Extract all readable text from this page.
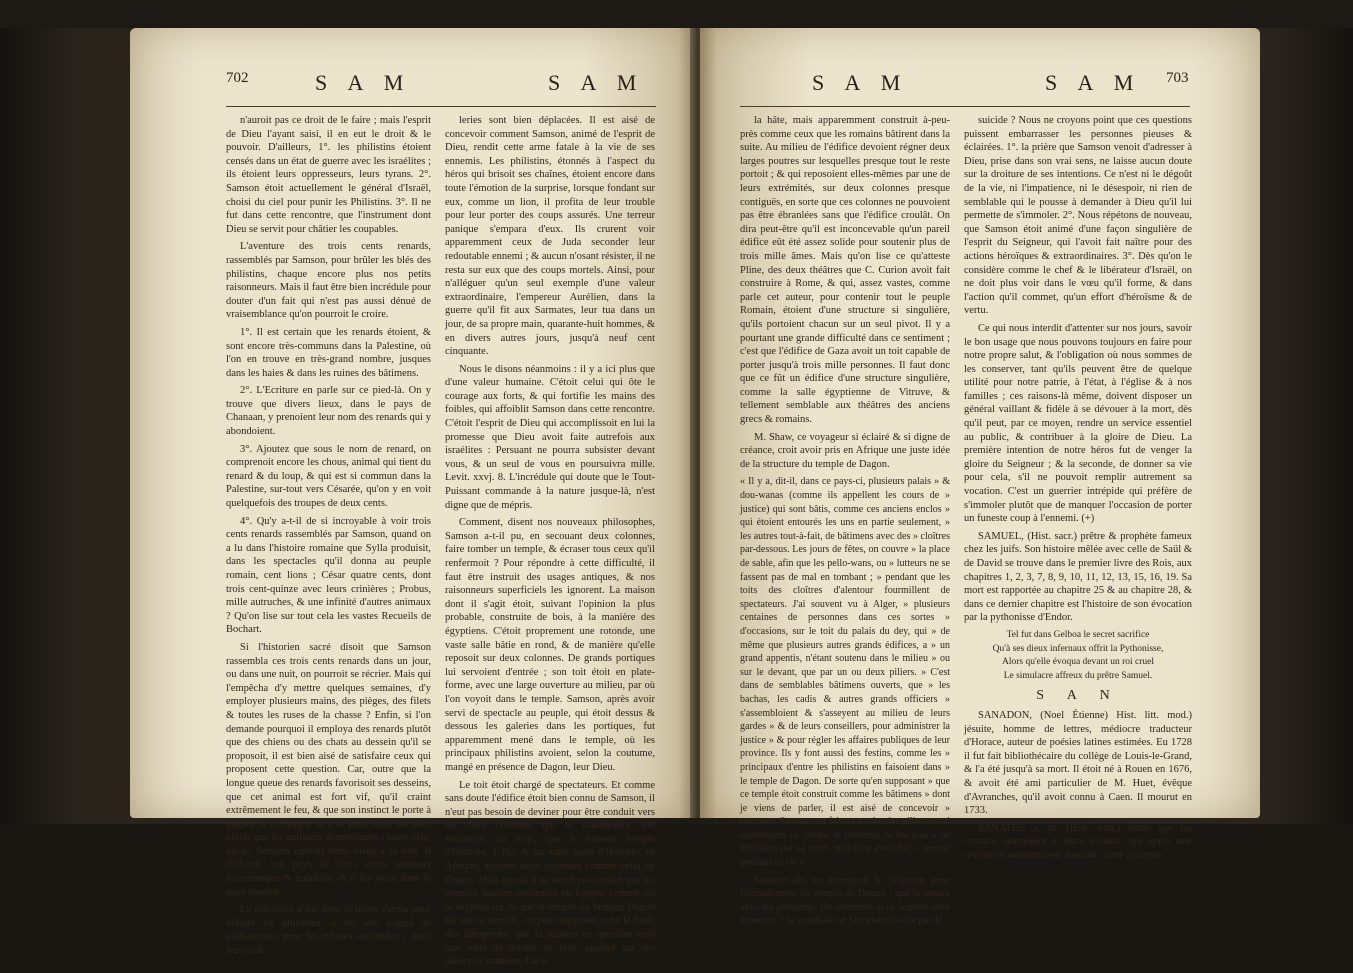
702	S A M	S A M

n'auroit pas ce droit de le faire ; mais l'esprit de Dieu l'ayant saisi, il en eut le droit & le pouvoir. D'ailleurs, 1°. les philistins étoient censés dans un état de guerre avec les israélites ; ils étoient leurs oppresseurs, leurs tyrans. 2°. Samson étoit actuellement le général d'Israël, choisi du ciel pour punir les Philistins. 3°. Il ne fut dans cette rencontre, que l'instrument dont Dieu se servit pour châtier les coupables.

L'aventure des trois cents renards, rassemblés par Samson, pour brûler les blés des philistins, chaque encore plus nos petits raisonneurs. Mais il faut être bien incrédule pour douter d'un fait qui n'est pas aussi dénué de vraisemblance qu'on pourroit le croire.

1°. Il est certain que les renards étoient, & sont encore très-communs dans la Palestine, où l'on en trouve en très-grand nombre, jusques dans les haies & dans les ruines des bâtimens.

2°. L'Ecriture en parle sur ce pied-là. On y trouve que divers lieux, dans le pays de Chanaan, y prenoient leur nom des renards qui y abondoient.

3°. Ajoutez que sous le nom de renard, on comprenoit encore les chous, animal qui tient du renard & du loup, & qui est si commun dans la Palestine, sur-tout vers Césarée, qu'on y en voit quelquefois des troupes de deux cents.

4°. Qu'y a-t-il de si incroyable à voir trois cents renards rassemblés par Samson, quand on a lu dans l'histoire romaine que Sylla produisit, dans les spectacles qu'il donna au peuple romain, cent lions ; César quatre cents, dont trois cent-quinze avec leurs crinières ; Probus, mille autruches, & une infinité d'autres animaux ? Qu'on lise sur tout cela les vastes Recueils de Bochart.

Si l'historien sacré disoit que Samson rassembla ces trois cents renards dans un jour, ou dans une nuit, on pourroit se récrier. Mais qui l'empêcha d'y mettre quelques semaines, d'y employer plusieurs mains, des pièges, des filets & toutes les ruses de la chasse ? Enfin, si l'on demande pourquoi il employa des renards plutôt que des chiens ou des chats au dessein qu'il se proposoit, il est bien aisé de satisfaire ceux qui proposent cette question. Car, outre que la longue queue des renards favorisoit ses desseins, que cet animal est fort vif, qu'il craint extrêmement le feu, & que son instinct le porte à gagner la campagne & à se jetter dans les blés, plutôt que les animaux domestiques ; outre cela, dis-je, Samson opéroit deux biens à la fois. Il délivroit son pays de trois cents animaux incommodes & nuisibles, & il les jetoit dans le pays ennemi.

La mâchoire d'âne dont le héros s'arma pour défaire les philistins, a été une source de plaisanteries pour les mêmes incrédules ; mais leurs rail-

leries sont bien déplacées. Il est aisé de concevoir comment Samson, animé de l'esprit de Dieu, rendit cette arme fatale à la vie de ses ennemis. Les philistins, étonnés à l'aspect du héros qui brisoit ses chaînes, étoient encore dans toute l'émotion de la surprise, lorsque fondant sur eux, comme un lion, il profita de leur trouble pour leur porter des coups assurés. Une terreur panique s'empara d'eux. Ils crurent voir apparemment ceux de Juda seconder leur redoutable ennemi ; & aucun n'osant résister, il ne resta sur eux que des coups mortels. Ainsi, pour n'alléguer qu'un seul exemple d'une valeur extraordinaire, l'empereur Aurélien, dans la guerre qu'il fit aux Sarmates, leur tua dans un jour, de sa propre main, quarante-huit hommes, & en divers autres jours, jusqu'à neuf cent cinquante.

Nous le disons néanmoins : il y a ici plus que d'une valeur humaine. C'étoit celui qui ôte le courage aux forts, & qui fortifie les mains des foibles, qui affoiblit Samson dans cette rencontre. C'étoit l'esprit de Dieu qui accomplissoit en lui la promesse que Dieu avoit faite autrefois aux israélites : Persuant ne pourra subsister devant vous, & un seul de vous en poursuivra mille. Levit. xxvj. 8. L'incrédule qui doute que le Tout-Puissant commande à la nature jusque-là, n'est digne que de mépris.

Comment, disent nos nouveaux philosophes, Samson a-t-il pu, en secouant deux colonnes, faire tomber un temple, & écraser tous ceux qu'il renfermoit ? Pour répondre à cette difficulté, il faut être instruit des usages antiques, & nos raisonneurs superficiels les ignorent. La maison dont il s'agit étoit, suivant l'opinion la plus probable, construite de bois, à la manière des égyptiens. C'étoit proprement une rotonde, une vaste salle bâtie en rond, & de manière qu'elle reposoit sur deux colonnes. De grands portiques lui servoient d'entrée ; son toit étoit en plate-forme, avec une large ouverture au milieu, par où l'on voyoit dans le temple. Samson, après avoir servi de spectacle au peuple, qui étoit dessus & dessous les galeries dans les portiques, fut apparemment mené dans le temple, où les principaux philistins avoient, selon la coutume, mangé en présence de Dagon, leur Dieu.

Le toit étoit chargé de spectateurs. Et comme sans doute l'édifice étoit bien connu de Samson, il n'eut pas besoin de deviner pour être conduit vers les deux colonnes qui le soutenoient. On remarque, au reste, que le fameux temple d'Hercule, à Tyr, & un autre aussi d'Hercule, en Afrique, avoient deux colonnes comme celui de Dagon. Mais quand il ne seroit pas certain que les temples fussent construits en Egypte comme on le suppose ici, & que le temple du fameux Dagon fût sur ce modèle, on peut supposer, avec la foule des interprètes, que la maison en question étoit une sorte de théâtre de bois, appuyé sur des piliers de manière, fait à

S A M	S A M 703

la hâte, mais apparemment construit à-peu-près comme ceux que les romains bâtirent dans la suite. Au milieu de l'édifice devoient régner deux larges poutres sur lesquelles presque tout le reste portoit ; & qui reposoient elles-mêmes par une de leurs extrémités, sur deux colonnes presque contiguës, en sorte que ces colonnes ne pouvoient pas être ébranlées sans que l'édifice croulât. On dira peut-être qu'il est inconcevable qu'un pareil édifice eût été assez solide pour soutenir plus de trois mille âmes. Mais qu'on lise ce qu'atteste Pline, des deux théâtres que C. Curion avoit fait construire à Rome, & qui, assez vastes, comme parle cet auteur, pour contenir tout le peuple Romain, étoient d'une structure si singulière, qu'ils portoient chacun sur un seul pivot. Il y a pourtant une grande difficulté dans ce sentiment ; c'est que l'édifice de Gaza avoit un toit capable de porter jusqu'à trois mille personnes. Il faut donc que ce fût un édifice d'une structure singulière, comme la salle égyptienne de Vitruve, & tellement semblable aux théâtres des anciens grecs & romains.

M. Shaw, ce voyageur si éclairé & si digne de créance, croit avoir pris en Afrique une juste idée de la structure du temple de Dagon.

« Il y a, dit-il, dans ce pays-ci, plusieurs palais » & dou-wanas (comme ils appellent les cours de » justice) qui sont bâtis, comme ces anciens enclos » qui étoient entourés les uns en partie seulement, » les autres tout-à-fait, de bâtimens avec des » cloîtres par-dessous. Les jours de fêtes, on couvre » la place de sable, afin que les pello-wans, ou » lutteurs ne se fassent pas de mal en tombant ; » pendant que les toits des cloîtres d'alentour fourmillent de spectateurs. J'ai souvent vu à Alger, » plusieurs centaines de personnes dans ces sortes » d'occasions, sur le toit du palais du dey, qui » de même que plusieurs autres grands édifices, a » un grand appentis, n'étant soutenu dans le milieu » ou sur le devant, que par un ou deux piliers. » C'est dans de semblables bâtimens ouverts, que » les bachas, les cadis & autres grands officiers » s'assembloient & s'asseyent au milieu de leurs gardes » & de leurs conseillers, pour administrer la justice » & pour régler les affaires publiques de leur province. Ils y font aussi des festins, comme les » principaux d'entre les philistins en faisoient dans » le temple de Dagon. De sorte qu'en supposant » que ce temple étoit construit comme les bâtimens » dont je viens de parler, il est aisé de concevoir » comment Samson, en faisant tomber les piliers » qui soutenoient ce cloître, le renversa, & tua plus » de Philistins par sa mort, qu'il n'en avoit fait » mourir pendant sa vie ».

Samson dit, en invoquant le Seigneur pour l'écroulement du temple de Dagon : que je meure avec les philistins. On demande si ce souhait étoit innocent ? sa conduite ne favoriseroit-elle pas le

suicide ? Nous ne croyons point que ces questions puissent embarrasser les personnes pieuses & éclairées. 1°. la prière que Samson venoit d'adresser à Dieu, prise dans son vrai sens, ne laisse aucun doute sur la droiture de ses intentions. Ce n'est ni le dégoût de la vie, ni l'impatience, ni le désespoir, ni rien de semblable qui le pousse à demander à Dieu qu'il lui permette de s'immoler. 2°. Nous répétons de nouveau, que Samson étoit animé d'une façon singulière de l'esprit du Seigneur, qui l'avoit fait naître pour des actions héroïques & extraordinaires. 3°. Dès qu'on le considère comme le chef & le libérateur d'Israël, on ne doit plus voir dans le vœu qu'il forme, & dans l'action qu'il commet, qu'un effort d'héroïsme & de vertu.

Ce qui nous interdit d'attenter sur nos jours, savoir le bon usage que nous pouvons toujours en faire pour notre propre salut, & l'obligation où nous sommes de les conserver, tant qu'ils peuvent être de quelque utilité pour notre patrie, à l'état, à l'église & à nos familles ; ces raisons-là même, doivent disposer un général vaillant & fidèle à se dévouer à la mort, dès qu'il peut, par ce moyen, rendre un service essentiel au public, & contribuer à la gloire de Dieu. La première intention de notre héros fut de venger la gloire du Seigneur ; & la seconde, de donner sa vie pour cela, s'il ne pouvoit remplir autrement sa vocation. C'est un guerrier intrépide qui préfère de s'immoler plutôt que de manquer l'occasion de porter un funeste coup à l'ennemi. (+)

SAMUEL, (Hist. sacr.) prêtre & prophète fameux chez les juifs. Son histoire mêlée avec celle de Saül & de David se trouve dans le premier livre des Rois, aux chapitres 1, 2, 3, 7, 8, 9, 10, 11, 12, 13, 15, 16, 19. Sa mort est rapportée au chapitre 25 & au chapitre 28, & dans ce dernier chapitre est l'histoire de son évocation par la pythonisse d'Endor.

Tel fut dans Gelboa le secret sacrifice

Qu'à ses dieux infernaux offrit la Pythonisse,

Alors qu'elle évoqua devant un roi cruel

Le simulacre affreux du prêtre Samuel.

S A N

SANADON, (Noel Étienne) Hist. litt. mod.) jésuite, homme de lettres, médiocre traducteur d'Horace, auteur de poésies latines estimées. Eu 1728 il fut fait bibliothécaire du collège de Louis-le-Grand, & l'a été jusqu'à sa mort. Il étoit né à Rouen en 1676, & avoit été ami particulier de M. Huet, évêque d'Avranches, qu'il avoit connu à Caen. Il mourut en 1733.

SANATES, s. m. (Hist. rom.) noms que les romains donnoient à leurs voisins, qui après une révolte se soumettoient aussitôt ; cette prompte
